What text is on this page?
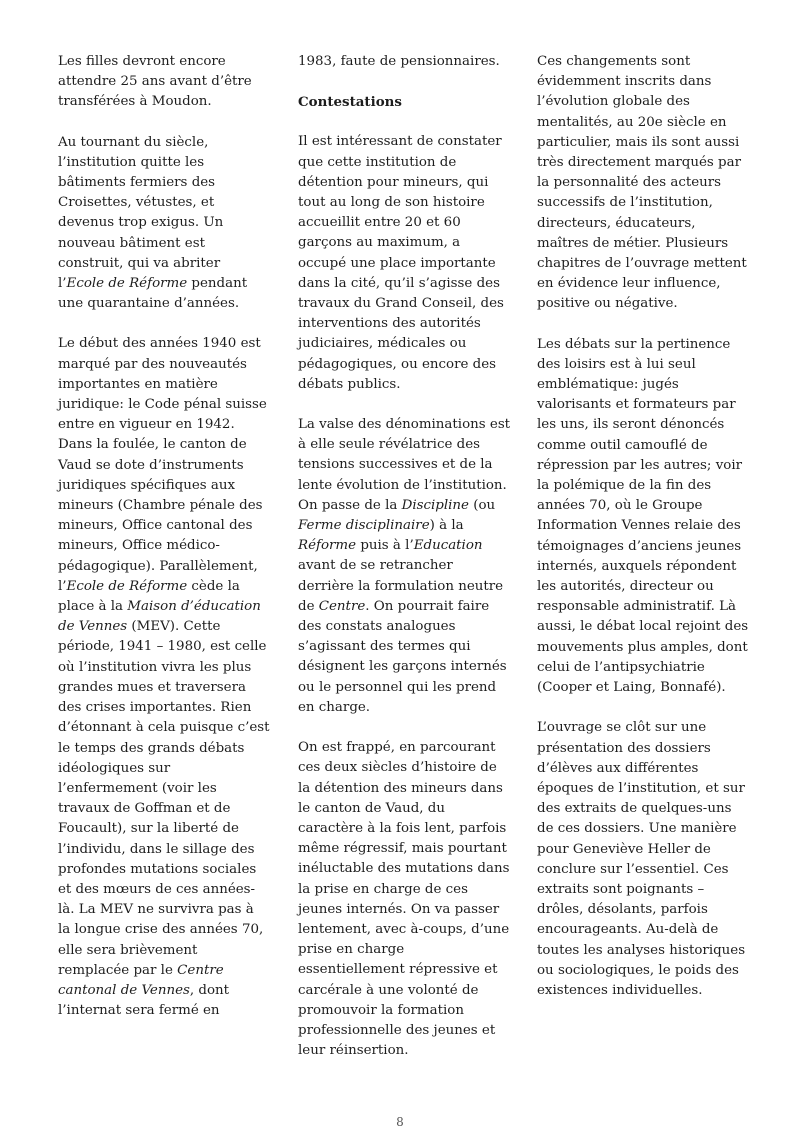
Les filles devront encore attendre 25 ans avant d’être transférées à Moudon.

Au tournant du siècle, l’institution quitte les bâtiments fermiers des Croisettes, vétustes, et devenus trop exigus. Un nouveau bâtiment est construit, qui va abriter l’Ecole de Réforme pendant une quarantaine d’années.

Le début des années 1940 est marqué par des nouveautés importantes en matière juridique: le Code pénal suisse entre en vigueur en 1942. Dans la foulée, le canton de Vaud se dote d’instruments juridiques spécifiques aux mineurs (Chambre pénale des mineurs, Office cantonal des mineurs, Office médico-pédagogique). Parallèlement, l’Ecole de Réforme cède la place à la Maison d’éducation de Vennes (MEV). Cette période, 1941 – 1980, est celle où l’institution vivra les plus grandes mues et traversera des crises importantes. Rien d’étonnant à cela puisque c’est le temps des grands débats idéologiques sur l’enfermement (voir les travaux de Goffman et de Foucault), sur la liberté de l’individu, dans le sillage des profondes mutations sociales et des mœurs de ces années-là. La MEV ne survivra pas à la longue crise des années 70, elle sera brièvement remplacée par le Centre cantonal de Vennes, dont l’internat sera fermé en

1983, faute de pensionnaires.

Contestations

Il est intéressant de constater que cette institution de détention pour mineurs, qui tout au long de son histoire accueillit entre 20 et 60 garçons au maximum, a occupé une place importante dans la cité, qu’il s’agisse des travaux du Grand Conseil, des interventions des autorités judiciaires, médicales ou pédagogiques, ou encore des débats publics.

La valse des dénominations est à elle seule révélatrice des tensions successives et de la lente évolution de l’institution. On passe de la Discipline (ou Ferme disciplinaire) à la Réforme puis à l’Education avant de se retrancher derrière la formulation neutre de Centre. On pourrait faire des constats analogues s’agissant des termes qui désignent les garçons internés ou le personnel qui les prend en charge.

On est frappé, en parcourant ces deux siècles d’histoire de la détention des mineurs dans le canton de Vaud, du caractère à la fois lent, parfois même régressif, mais pourtant inéluctable des mutations dans la prise en charge de ces jeunes internés. On va passer lentement, avec à-coups, d’une prise en charge essentiellement répressive et carcérale à une volonté de promouvoir la formation professionnelle des jeunes et leur réinsertion.

Ces changements sont évidemment inscrits dans l’évolution globale des mentalités, au 20e siècle en particulier, mais ils sont aussi très directement marqués par la personnalité des acteurs successifs de l’institution, directeurs, éducateurs, maîtres de métier. Plusieurs chapitres de l’ouvrage mettent en évidence leur influence, positive ou négative.

Les débats sur la pertinence des loisirs est à lui seul emblématique: jugés valorisants et formateurs par les uns, ils seront dénoncés comme outil camouflé de répression par les autres; voir la polémique de la fin des années 70, où le Groupe Information Vennes relaie des témoignages d’anciens jeunes internés, auxquels répondent les autorités, directeur ou responsable administratif. Là aussi, le débat local rejoint des mouvements plus amples, dont celui de l’antipsychiatrie (Cooper et Laing, Bonnafé).

L’ouvrage se clôt sur une présentation des dossiers d’élèves aux différentes époques de l’institution, et sur des extraits de quelques-uns de ces dossiers. Une manière pour Geneviève Heller de conclure sur l’essentiel. Ces extraits sont poignants – drôles, désolants, parfois encourageants. Au-delà de toutes les analyses historiques ou sociologiques, le poids des existences individuelles.

8
